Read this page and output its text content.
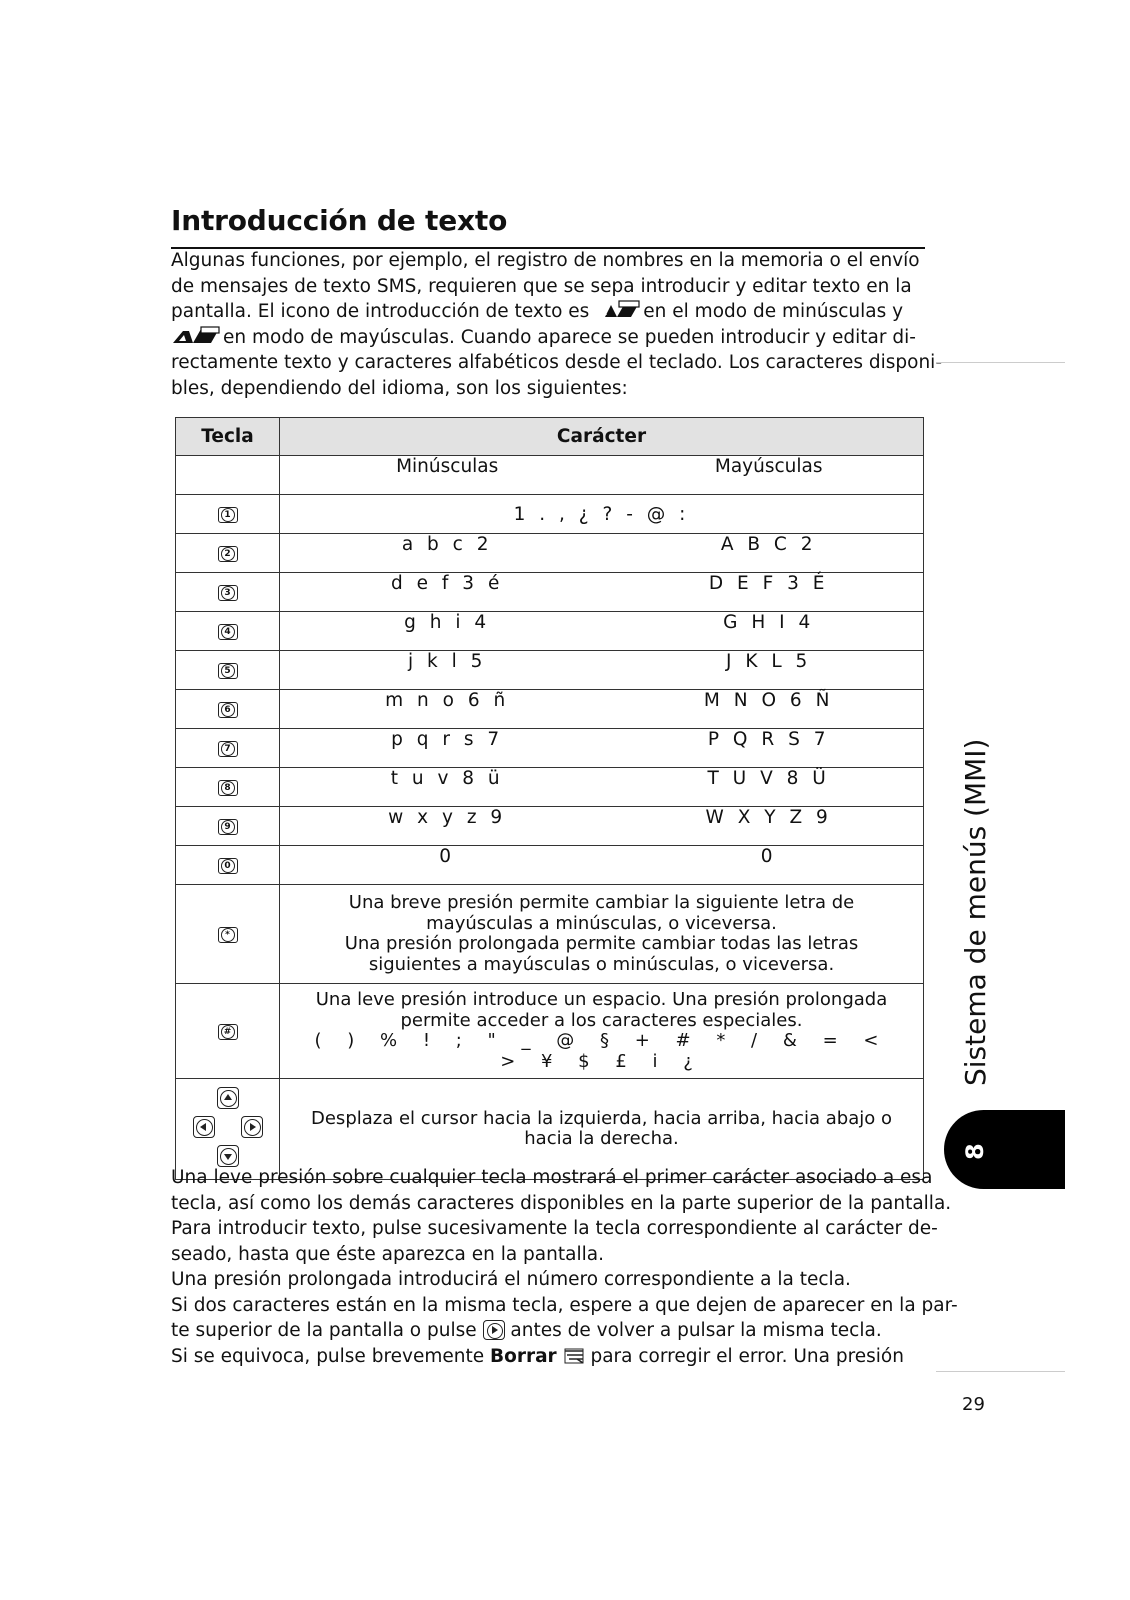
Introducción de texto
Algunas funciones, por ejemplo, el registro de nombres en la memoria o el envío
de mensajes de texto SMS, requieren que se sepa introducir y editar texto en la
pantalla. El icono de introducción de texto es	en el modo de minúsculas y
en modo de mayúsculas. Cuando aparece se pueden introducir y editar di-
rectamente texto y caracteres alfabéticos desde el teclado. Los caracteres disponi-
bles, dependiendo del idioma, son los siguientes:
Tecla	Carácter

	Minúsculas Mayúsculas

1	1 . , ¿ ? - @ :

2	a b c 2 A B C 2

3	d e f 3 é D E F 3 É

4	g h i 4 G H I 4

5	j k l 5 J K L 5

6	m n o 6 ñ M N O 6 Ñ

7	p q r s 7 P Q R S 7

8	t u v 8 ü T U V 8 Ü

9	w x y z 9 W X Y Z 9

0	0 0

*	Una breve presión permite cambiar la siguiente letra de
mayúsculas a minúsculas, o viceversa.
Una presión prolongada permite cambiar todas las letras
siguientes a mayúsculas o minúsculas, o viceversa.

#	Una leve presión introduce un espacio. Una presión prolongada
permite acceder a los caracteres especiales.
( ) % ! ; " _ @ § + # * / & = < > ¥ $ £ i ¿

	Desplaza el cursor hacia la izquierda, hacia arriba, hacia abajo o
hacia la derecha.
Una leve presión sobre cualquier tecla mostrará el primer carácter asociado a esa
tecla, así como los demás caracteres disponibles en la parte superior de la pantalla.
Para introducir texto, pulse sucesivamente la tecla correspondiente al carácter de-
seado, hasta que éste aparezca en la pantalla.
Una presión prolongada introducirá el número correspondiente a la tecla.
Si dos caracteres están en la misma tecla, espere a que dejen de aparecer en la par-
te superior de la pantalla o pulse antes de volver a pulsar la misma tecla.
Si se equivoca, pulse brevemente Borrar para corregir el error. Una presión
Sistema de menús (MMI)
8
29
